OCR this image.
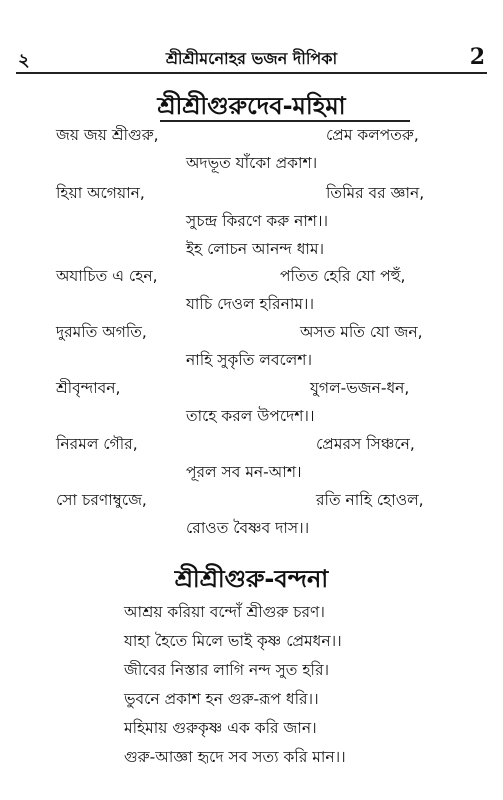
২	শ্রীশ্রীমনোহর ভজন দীপিকা	2
শ্রীশ্রীগুরুদেব-মহিমা
জয় জয় শ্রীগুরু,	প্রেম কলপতরু,
অদভূত যাঁকো প্রকাশ।
হিয়া অগেয়ান,	তিমির বর জ্ঞান,
সুচন্দ্র কিরণে করু নাশ।।
ইহ লোচন আনন্দ ধাম।
অযাচিত এ হেন,	পতিত হেরি যো পহুঁ,
যাচি দেওল হরিনাম।।
দুরমতি অগতি,	অসত মতি যো জন,
নাহি সুকৃতি লবলেশ।
শ্রীবৃন্দাবন,	যুগল-ভজন-ধন,
তাহে করল উপদেশ।।
নিরমল গৌর,	প্রেমরস সিঞ্চনে,
পূরল সব মন-আশ।
সো চরণাম্বুজে,	রতি নাহি হোওল,
রোওত বৈষ্ণব দাস।।
শ্রীশ্রীগুরু-বন্দনা
আশ্রয় করিয়া বন্দোঁ শ্রীগুরু চরণ।
যাহা হৈতে মিলে ভাই কৃষ্ণ প্রেমধন।।
জীবের নিস্তার লাগি নন্দ সুত হরি।
ভুবনে প্রকাশ হন গুরু-রূপ ধরি।।
মহিমায় গুরুকৃষ্ণ এক করি জান।
গুরু-আজ্ঞা হৃদে সব সত্য করি মান।।
